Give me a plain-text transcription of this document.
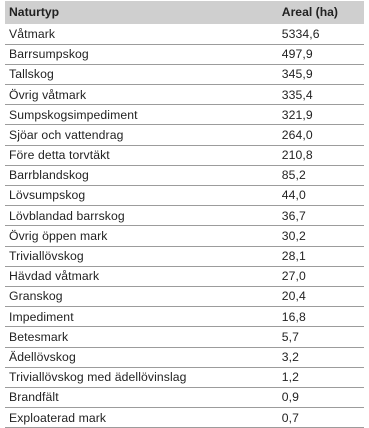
Naturtyp	Areal (ha)
Våtmark	5334,6
Barrsumpskog	497,9
Tallskog	345,9
Övrig våtmark	335,4
Sumpskogsimpediment	321,9
Sjöar och vattendrag	264,0
Före detta torvtäkt	210,8
Barrblandskog	85,2
Lövsumpskog	44,0
Lövblandad barrskog	36,7
Övrig öppen mark	30,2
Triviallövskog	28,1
Hävdad våtmark	27,0
Granskog	20,4
Impediment	16,8
Betesmark	5,7
Ädellövskog	3,2
Triviallövskog med ädellövinslag	1,2
Brandfält	0,9
Exploaterad mark	0,7
